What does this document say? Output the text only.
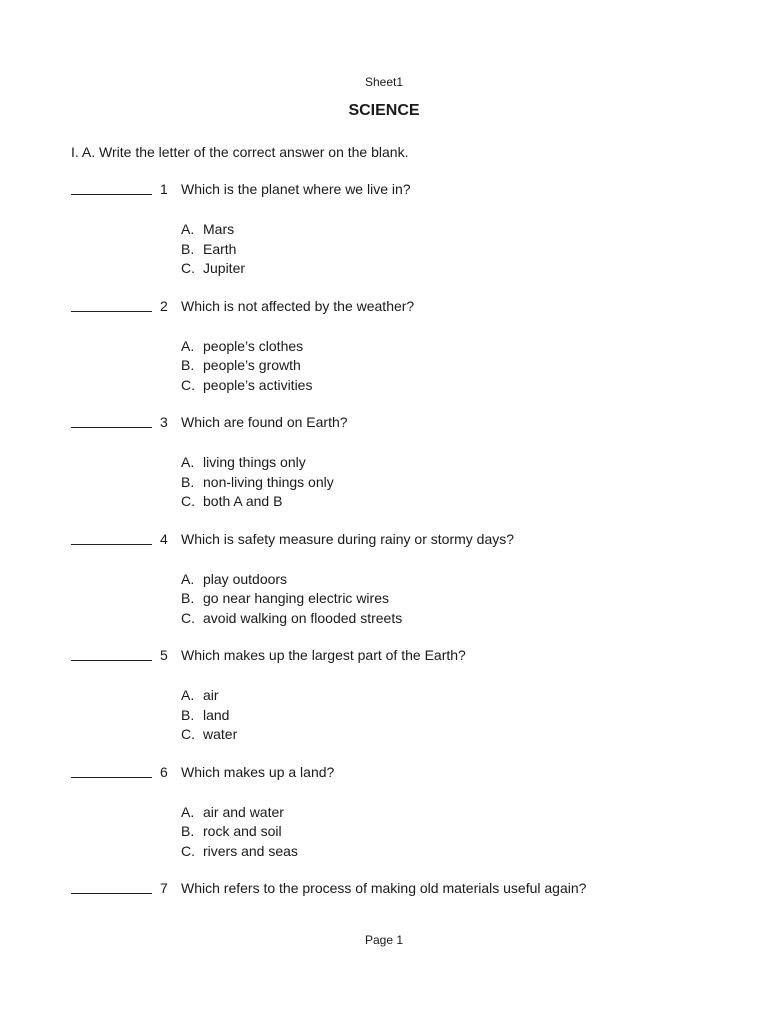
Sheet1
SCIENCE
I. A. Write the letter of the correct answer on the blank.
1 Which is the planet where we live in?
A. Mars
B. Earth
C. Jupiter
2 Which is not affected by the weather?
A. people’s clothes
B. people’s growth
C. people’s activities
3 Which are found on Earth?
A. living things only
B. non-living things only
C. both A and B
4 Which is safety measure during rainy or stormy days?
A. play outdoors
B. go near hanging electric wires
C. avoid walking on flooded streets
5 Which makes up the largest part of the Earth?
A. air
B. land
C. water
6 Which makes up a land?
A. air and water
B. rock and soil
C. rivers and seas
7 Which refers to the process of making old materials useful again?
Page 1
